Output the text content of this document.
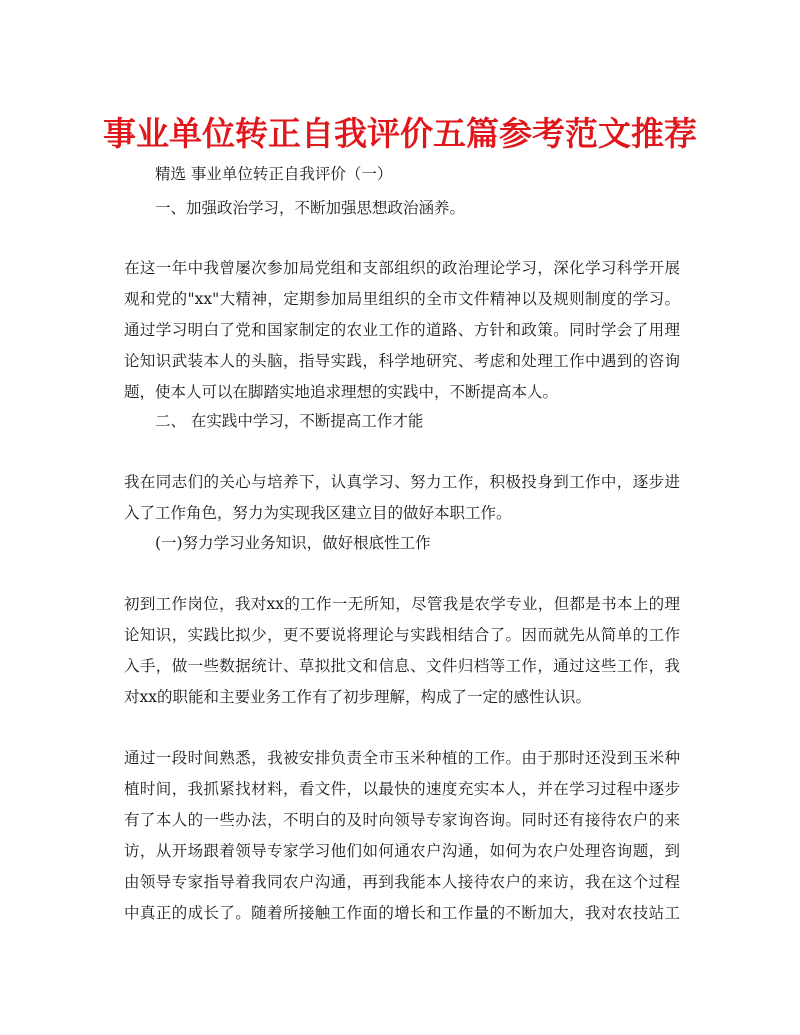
事业单位转正自我评价五篇参考范文推荐
精选 事业单位转正自我评价（一）
一、加强政治学习，不断加强思想政治涵养。
在这一年中我曾屡次参加局党组和支部组织的政治理论学习，深化学习科学开展
观和党的"xx"大精神，定期参加局里组织的全市文件精神以及规则制度的学习。
通过学习明白了党和国家制定的农业工作的道路、方针和政策。同时学会了用理
论知识武装本人的头脑，指导实践，科学地研究、考虑和处理工作中遇到的咨询
题，使本人可以在脚踏实地追求理想的实践中，不断提高本人。
二、 在实践中学习，不断提高工作才能
我在同志们的关心与培养下，认真学习、努力工作，积极投身到工作中，逐步进
入了工作角色，努力为实现我区建立目的做好本职工作。
(一)努力学习业务知识，做好根底性工作
初到工作岗位，我对xx的工作一无所知，尽管我是农学专业，但都是书本上的理
论知识，实践比拟少，更不要说将理论与实践相结合了。因而就先从简单的工作
入手，做一些数据统计、草拟批文和信息、文件归档等工作，通过这些工作，我
对xx的职能和主要业务工作有了初步理解，构成了一定的感性认识。
通过一段时间熟悉，我被安排负责全市玉米种植的工作。由于那时还没到玉米种
植时间，我抓紧找材料，看文件，以最快的速度充实本人，并在学习过程中逐步
有了本人的一些办法，不明白的及时向领导专家询咨询。同时还有接待农户的来
访，从开场跟着领导专家学习他们如何通农户沟通，如何为农户处理咨询题，到
由领导专家指导着我同农户沟通，再到我能本人接待农户的来访，我在这个过程
中真正的成长了。随着所接触工作面的增长和工作量的不断加大，我对农技站工
